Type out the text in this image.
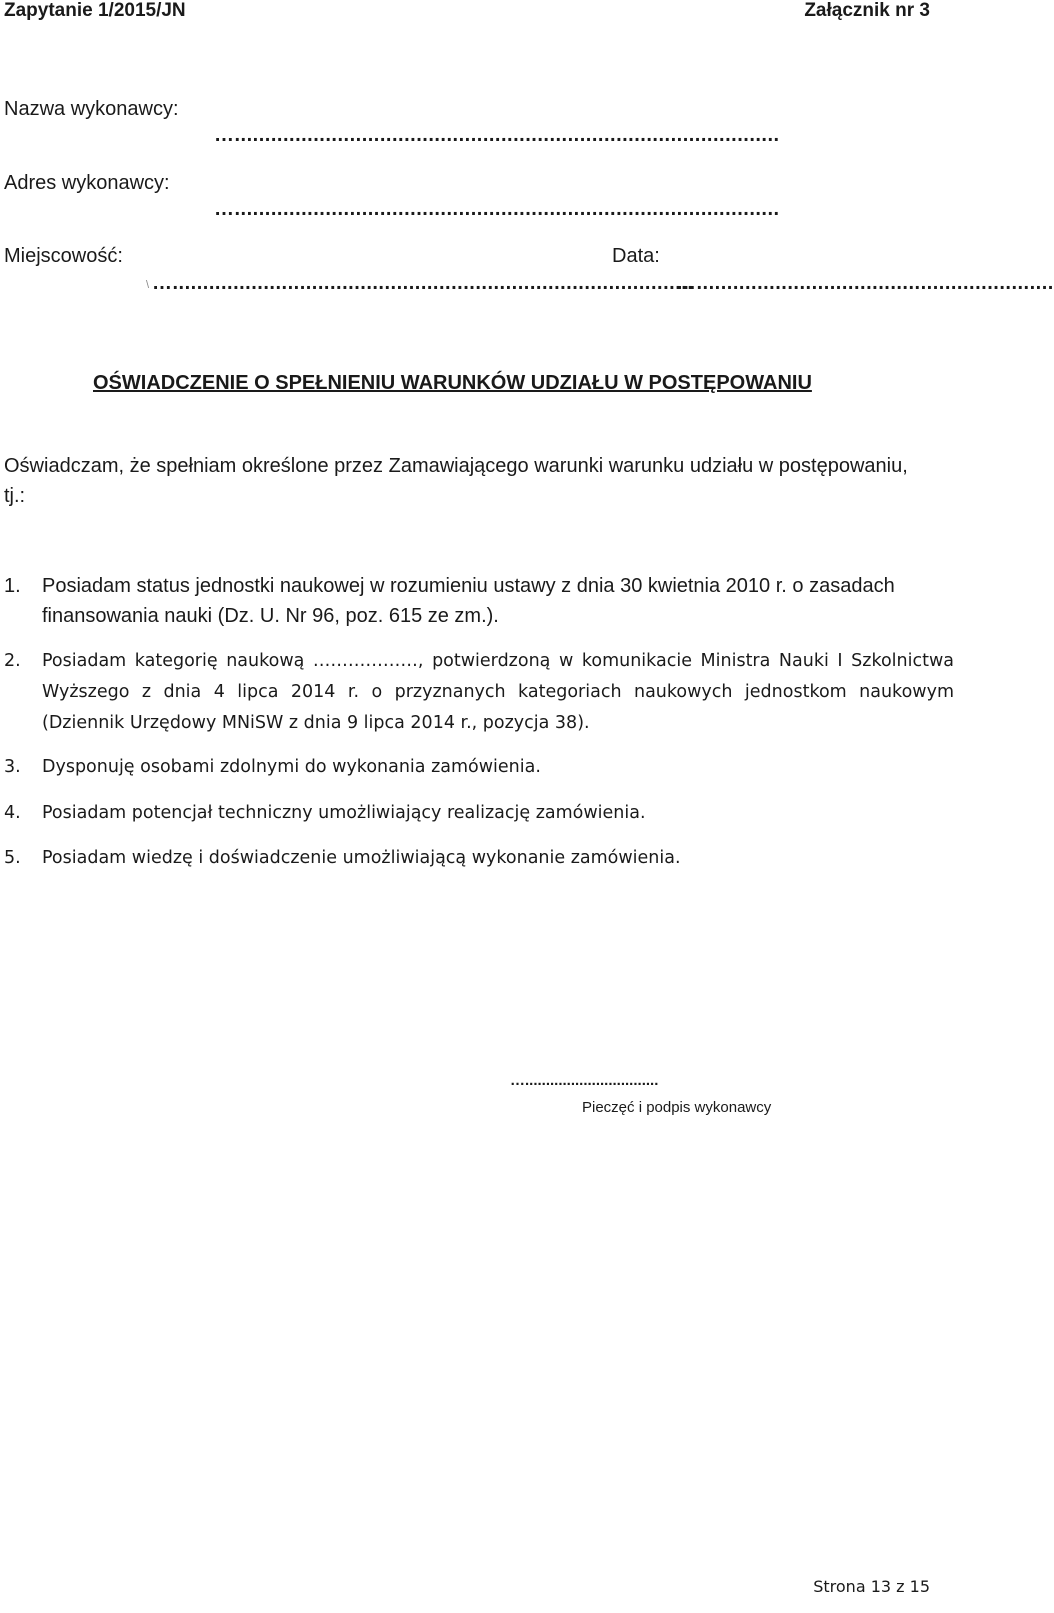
Zapytanie 1/2015/JN	Załącznik nr 3
Nazwa wykonawcy:
…..........................................................................................
Adres wykonawcy:
…..........................................................................................
Miejscowość:	Data:
\ …......................................................................................
…...........................................................
OŚWIADCZENIE O SPEŁNIENIU WARUNKÓW UDZIAŁU W POSTĘPOWANIU
Oświadczam, że spełniam określone przez Zamawiającego warunki warunku udziału w postępowaniu,
tj.:
1. Posiadam status jednostki naukowej w rozumieniu ustawy z dnia 30 kwietnia 2010 r. o zasadach finansowania nauki (Dz. U. Nr 96, poz. 615 ze zm.).
2. Posiadam kategorię naukową ………………, potwierdzoną w komunikacie Ministra Nauki I Szkolnictwa Wyższego z dnia 4 lipca 2014 r. o przyznanych kategoriach naukowych jednostkom naukowym (Dziennik Urzędowy MNiSW z dnia 9 lipca 2014 r., pozycja 38).
3. Dysponuję osobami zdolnymi do wykonania zamówienia.
4. Posiadam potencjał techniczny umożliwiający realizację zamówienia.
5. Posiadam wiedzę i doświadczenie umożliwiającą wykonanie zamówienia.
…................................
Pieczęć i podpis wykonawcy
Strona 13 z 15
